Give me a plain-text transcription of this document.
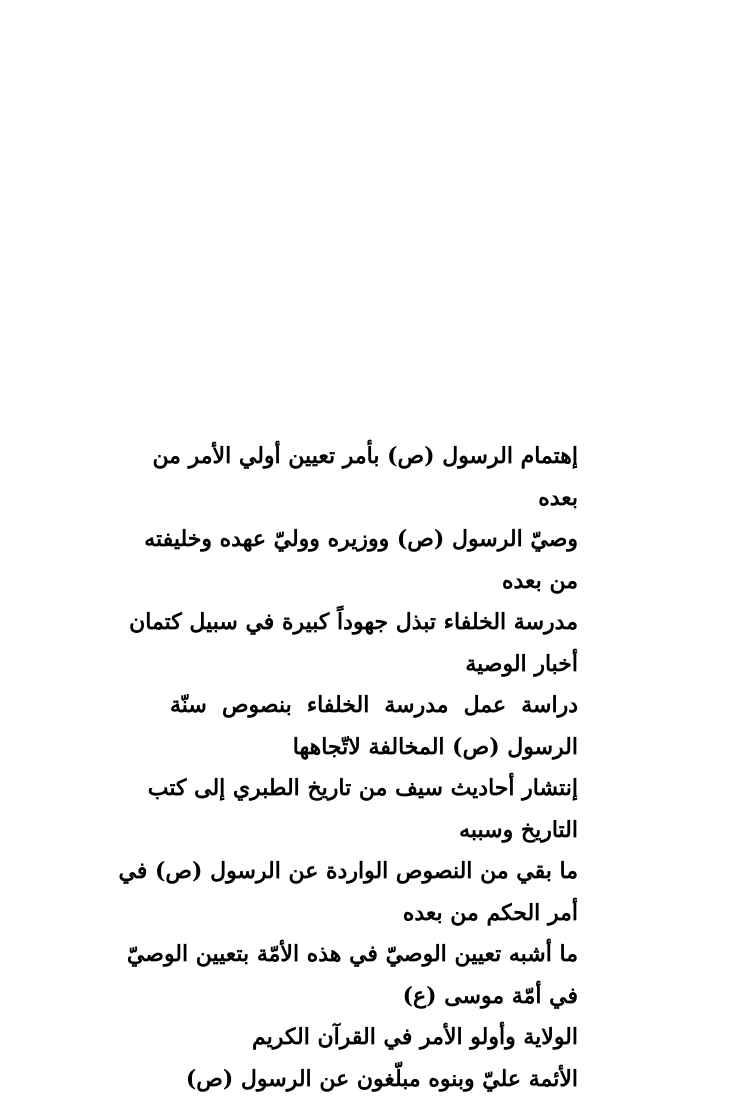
إهتمام الرسول (ص) بأمر تعيين أولي الأمر من
بعده
وصيّ الرسول (ص) ووزيره ووليّ عهده وخليفته
من بعده
مدرسة الخلفاء تبذل جهوداً كبيرة في سبيل كتمان
أخبار الوصية
دراسة عمل مدرسة الخلفاء بنصوص سنّة
الرسول (ص) المخالفة لاتّجاهها
إنتشار أحاديث سيف من تاريخ الطبري إلى كتب
التاريخ وسببه
ما بقي من النصوص الواردة عن الرسول (ص) في
أمر الحكم من بعده
ما أشبه تعيين الوصيّ في هذه الأمّة بتعيين الوصيّ
في أمّة موسى (ع)
الولاية وأولو الأمر في القرآن الكريم
الأئمة عليّ وبنوه مبلّغون عن الرسول (ص)
